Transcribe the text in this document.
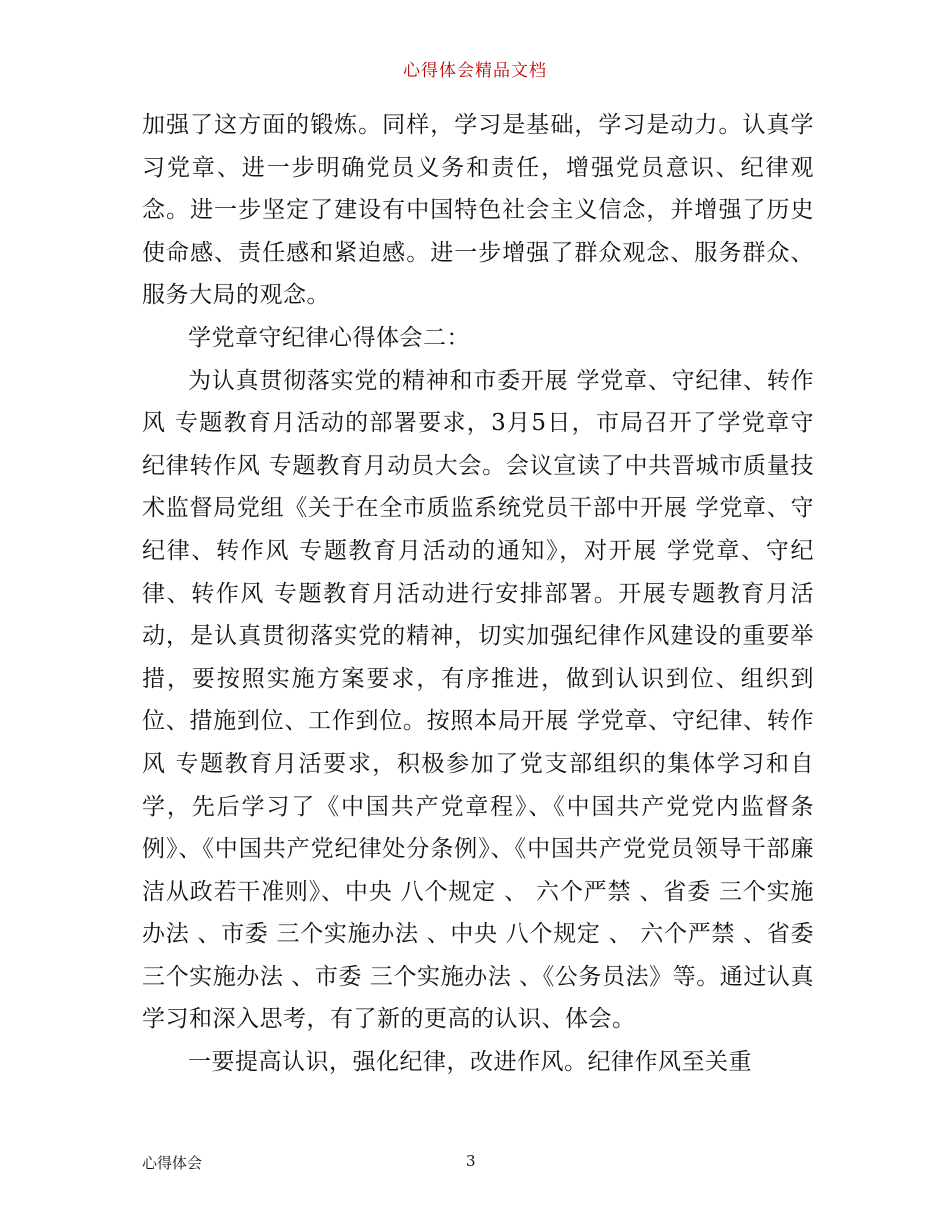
心得体会精品文档

加强了这方面的锻炼。同样，学习是基础，学习是动力。认真学习党章、进一步明确党员义务和责任，增强党员意识、纪律观念。进一步坚定了建设有中国特色社会主义信念，并增强了历史使命感、责任感和紧迫感。进一步增强了群众观念、服务群众、服务大局的观念。

学党章守纪律心得体会二：

为认真贯彻落实党的精神和市委开展 学党章、守纪律、转作风 专题教育月活动的部署要求，3月5日，市局召开了学党章守纪律转作风 专题教育月动员大会。会议宣读了中共晋城市质量技术监督局党组《关于在全市质监系统党员干部中开展 学党章、守纪律、转作风 专题教育月活动的通知》，对开展 学党章、守纪律、转作风 专题教育月活动进行安排部署。开展专题教育月活动，是认真贯彻落实党的精神，切实加强纪律作风建设的重要举措，要按照实施方案要求，有序推进，做到认识到位、组织到位、措施到位、工作到位。按照本局开展 学党章、守纪律、转作风 专题教育月活要求，积极参加了党支部组织的集体学习和自学，先后学习了《中国共产党章程》、《中国共产党党内监督条例》、《中国共产党纪律处分条例》、《中国共产党党员领导干部廉洁从政若干准则》、中央 八个规定 、 六个严禁 、省委 三个实施办法 、市委 三个实施办法 、中央 八个规定 、 六个严禁 、省委 三个实施办法 、市委 三个实施办法 、《公务员法》等。通过认真学习和深入思考，有了新的更高的认识、体会。

一要提高认识，强化纪律，改进作风。纪律作风至关重

心得体会	3
